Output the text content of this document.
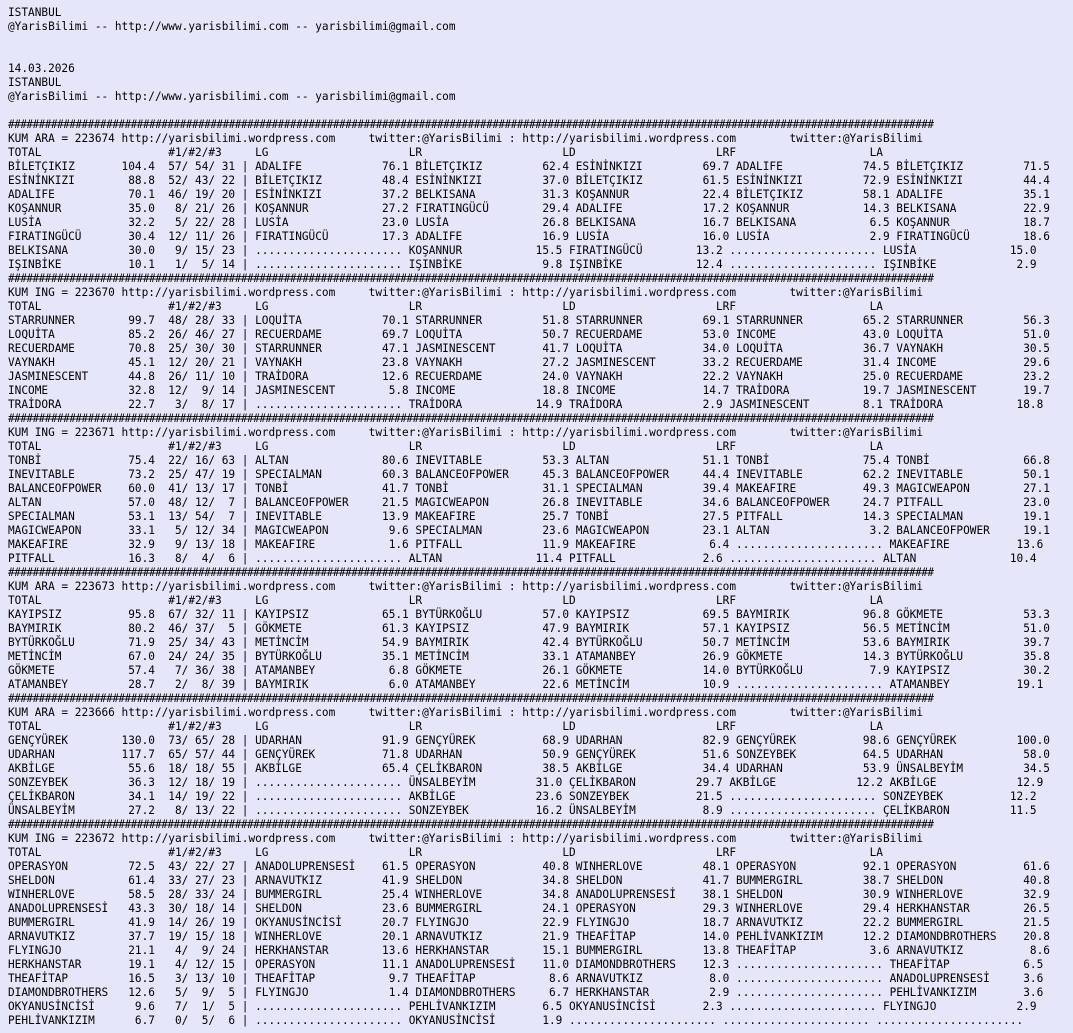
ISTANBUL
@YarisBilimi -- http://www.yarisbilimi.com -- yarisbilimi@gmail.com

14.03.2026
ISTANBUL
@YarisBilimi -- http://www.yarisbilimi.com -- yarisbilimi@gmail.com

#######################################################################################################################################################
KUM ARA = 223674 http://yarisbilimi.wordpress.com     twitter:@YarisBilimi : http://yarisbilimi.wordpress.com        twitter:@YarisBilimi
TOTAL                   #1/#2/#3     LG                     LR                     LD                     LRF                    LA
BİLETÇIKIZ       104.4  57/ 54/ 31 | ADALIFE            76.1 BİLETÇIKIZ         62.4 ESİNİNKIZI         69.7 ADALIFE            74.5 BİLETÇIKIZ         71.5
ESİNİNKIZI        88.8  52/ 43/ 22 | BİLETÇIKIZ         48.4 ESİNİNKIZI         37.0 BİLETÇIKIZ         61.5 ESİNİNKIZI         72.9 ESİNİNKIZI         44.4
ADALIFE           70.1  46/ 19/ 20 | ESİNİNKIZI         37.2 BELKISANA          31.3 KOŞANNUR           22.4 BİLETÇIKIZ         58.1 ADALIFE            35.1
KOŞANNUR          35.0   8/ 21/ 26 | KOŞANNUR           27.2 FIRATINGÜCÜ        29.4 ADALIFE            17.2 KOŞANNUR           14.3 BELKISANA          22.9
LUSİA             32.2   5/ 22/ 28 | LUSİA              23.0 LUSİA              26.8 BELKISANA          16.7 BELKISANA           6.5 KOŞANNUR           18.7
FIRATINGÜCÜ       30.4  12/ 11/ 26 | FIRATINGÜCÜ        17.3 ADALIFE            16.9 LUSİA              16.0 LUSİA               2.9 FIRATINGÜCÜ        18.6
BELKISANA         30.0   9/ 15/ 23 | ...................... KOŞANNUR           15.5 FIRATINGÜCÜ        13.2 ...................... LUSİA              15.0
IŞINBİKE          10.1   1/  5/ 14 | ...................... IŞINBİKE            9.8 IŞINBİKE           12.4 ...................... IŞINBİKE            2.9
#######################################################################################################################################################
KUM ING = 223670 http://yarisbilimi.wordpress.com     twitter:@YarisBilimi : http://yarisbilimi.wordpress.com        twitter:@YarisBilimi
TOTAL                   #1/#2/#3     LG                     LR                     LD                     LRF                    LA
STARRUNNER        99.7  48/ 28/ 33 | LOQUİTA            70.1 STARRUNNER         51.8 STARRUNNER         69.1 STARRUNNER         65.2 STARRUNNER         56.3
LOQUİTA           85.2  26/ 46/ 27 | RECUERDAME         69.7 LOQUİTA            50.7 RECUERDAME         53.0 INCOME             43.0 LOQUİTA            51.0
RECUERDAME        70.8  25/ 30/ 30 | STARRUNNER         47.1 JASMINESCENT       41.7 LOQUİTA            34.0 LOQUİTA            36.7 VAYNAKH            30.5
VAYNAKH           45.1  12/ 20/ 21 | VAYNAKH            23.8 VAYNAKH            27.2 JASMINESCENT       33.2 RECUERDAME         31.4 INCOME             29.6
JASMINESCENT      44.8  26/ 11/ 10 | TRAİDORA           12.6 RECUERDAME         24.0 VAYNAKH            22.2 VAYNAKH            25.0 RECUERDAME         23.2
INCOME            32.8  12/  9/ 14 | JASMINESCENT        5.8 INCOME             18.8 INCOME             14.7 TRAİDORA           19.7 JASMINESCENT       19.7
TRAİDORA          22.7   3/  8/ 17 | ...................... TRAİDORA           14.9 TRAİDORA            2.9 JASMINESCENT        8.1 TRAİDORA           18.8
#######################################################################################################################################################
KUM ING = 223671 http://yarisbilimi.wordpress.com     twitter:@YarisBilimi : http://yarisbilimi.wordpress.com        twitter:@YarisBilimi
TOTAL                   #1/#2/#3     LG                     LR                     LD                     LRF                    LA
TONBİ             75.4  22/ 16/ 63 | ALTAN              80.6 INEVITABLE         53.3 ALTAN              51.1 TONBİ              75.4 TONBİ              66.8
INEVITABLE        73.2  25/ 47/ 19 | SPECIALMAN         60.3 BALANCEOFPOWER     45.3 BALANCEOFPOWER     44.4 INEVITABLE         62.2 INEVITABLE         50.1
BALANCEOFPOWER    60.0  41/ 13/ 17 | TONBİ              41.7 TONBİ              31.1 SPECIALMAN         39.4 MAKEAFIRE          49.3 MAGICWEAPON        27.1
ALTAN             57.0  48/ 12/  7 | BALANCEOFPOWER     21.5 MAGICWEAPON        26.8 INEVITABLE         34.6 BALANCEOFPOWER     24.7 PITFALL            23.0
SPECIALMAN        53.1  13/ 54/  7 | INEVITABLE         13.9 MAKEAFIRE          25.7 TONBİ              27.5 PITFALL            14.3 SPECIALMAN         19.1
MAGICWEAPON       33.1   5/ 12/ 34 | MAGICWEAPON         9.6 SPECIALMAN         23.6 MAGICWEAPON        23.1 ALTAN               3.2 BALANCEOFPOWER     19.1
MAKEAFIRE         32.9   9/ 13/ 18 | MAKEAFIRE           1.6 PITFALL            11.9 MAKEAFIRE           6.4 ...................... MAKEAFIRE          13.6
PITFALL           16.3   8/  4/  6 | ...................... ALTAN              11.4 PITFALL             2.6 ...................... ALTAN              10.4
#######################################################################################################################################################
KUM ARA = 223673 http://yarisbilimi.wordpress.com     twitter:@YarisBilimi : http://yarisbilimi.wordpress.com        twitter:@YarisBilimi
TOTAL                   #1/#2/#3     LG                     LR                     LD                     LRF                    LA
KAYIPSIZ          95.8  67/ 32/ 11 | KAYIPSIZ           65.1 BYTÜRKOĞLU         57.0 KAYIPSIZ           69.5 BAYMIRIK           96.8 GÖKMETE            53.3
BAYMIRIK          80.2  46/ 37/  5 | GÖKMETE            61.3 KAYIPSIZ           47.9 BAYMIRIK           57.1 KAYIPSIZ           56.5 METİNCİM           51.0
BYTÜRKOĞLU        71.9  25/ 34/ 43 | METİNCİM           54.9 BAYMIRIK           42.4 BYTÜRKOĞLU         50.7 METİNCİM           53.6 BAYMIRIK           39.7
METİNCİM          67.0  24/ 24/ 35 | BYTÜRKOĞLU         35.1 METİNCİM           33.1 ATAMANBEY          26.9 GÖKMETE            14.3 BYTÜRKOĞLU         35.8
GÖKMETE           57.4   7/ 36/ 38 | ATAMANBEY           6.8 GÖKMETE            26.1 GÖKMETE            14.0 BYTÜRKOĞLU          7.9 KAYIPSIZ           30.2
ATAMANBEY         28.7   2/  8/ 39 | BAYMIRIK            6.0 ATAMANBEY          22.6 METİNCİM           10.9 ...................... ATAMANBEY          19.1
#######################################################################################################################################################
KUM ARA = 223666 http://yarisbilimi.wordpress.com     twitter:@YarisBilimi : http://yarisbilimi.wordpress.com        twitter:@YarisBilimi
TOTAL                   #1/#2/#3     LG                     LR                     LD                     LRF                    LA
GENÇYÜREK        130.0  73/ 65/ 28 | UDARHAN            91.9 GENÇYÜREK          68.9 UDARHAN            82.9 GENÇYÜREK          98.6 GENÇYÜREK         100.0
UDARHAN          117.7  65/ 57/ 44 | GENÇYÜREK          71.8 UDARHAN            50.9 GENÇYÜREK          51.6 SONZEYBEK          64.5 UDARHAN            58.0
AKBİLGE           55.6  18/ 18/ 55 | AKBİLGE            65.4 ÇELİKBARON         38.5 AKBİLGE            34.4 UDARHAN            53.9 ÜNSALBEYİM         34.5
SONZEYBEK         36.3  12/ 18/ 19 | ...................... ÜNSALBEYİM         31.0 ÇELİKBARON         29.7 AKBİLGE            12.2 AKBİLGE            12.9
ÇELİKBARON        34.1  14/ 19/ 22 | ...................... AKBİLGE            23.6 SONZEYBEK          21.5 ...................... SONZEYBEK          12.2
ÜNSALBEYİM        27.2   8/ 13/ 22 | ...................... SONZEYBEK          16.2 ÜNSALBEYİM          8.9 ...................... ÇELİKBARON         11.5
#######################################################################################################################################################
KUM ING = 223672 http://yarisbilimi.wordpress.com     twitter:@YarisBilimi : http://yarisbilimi.wordpress.com        twitter:@YarisBilimi
TOTAL                   #1/#2/#3     LG                     LR                     LD                     LRF                    LA
OPERASYON         72.5  43/ 22/ 27 | ANADOLUPRENSESİ    61.5 OPERASYON          40.8 WINHERLOVE         48.1 OPERASYON          92.1 OPERASYON          61.6
SHELDON           61.4  33/ 27/ 23 | ARNAVUTKIZ         41.9 SHELDON            34.8 SHELDON            41.7 BUMMERGIRL         38.7 SHELDON            40.8
WINHERLOVE        58.5  28/ 33/ 24 | BUMMERGIRL         25.4 WINHERLOVE         34.8 ANADOLUPRENSESİ    38.1 SHELDON            30.9 WINHERLOVE         32.9
ANADOLUPRENSESİ   43.3  30/ 18/ 14 | SHELDON            23.6 BUMMERGIRL         24.1 OPERASYON          29.3 WINHERLOVE         29.4 HERKHANSTAR        26.5
BUMMERGIRL        41.9  14/ 26/ 19 | OKYANUSİNCİSİ      20.7 FLYINGJO           22.9 FLYINGJO           18.7 ARNAVUTKIZ         22.2 BUMMERGIRL         21.5
ARNAVUTKIZ        37.7  19/ 15/ 18 | WINHERLOVE         20.1 ARNAVUTKIZ         21.9 THEAFİTAP          14.0 PEHLİVANKIZIM      12.2 DIAMONDBROTHERS    20.8
FLYINGJO          21.1   4/  9/ 24 | HERKHANSTAR        13.6 HERKHANSTAR        15.1 BUMMERGIRL         13.8 THEAFİTAP           3.6 ARNAVUTKIZ          8.6
HERKHANSTAR       19.1   4/ 12/ 15 | OPERASYON          11.1 ANADOLUPRENSESİ    11.0 DIAMONDBROTHERS    12.3 ...................... THEAFİTAP           6.5
THEAFİTAP         16.5   3/ 13/ 10 | THEAFİTAP           9.7 THEAFİTAP           8.6 ARNAVUTKIZ          8.0 ...................... ANADOLUPRENSESİ     3.6
DIAMONDBROTHERS   12.6   5/  9/  5 | FLYINGJO            1.4 DIAMONDBROTHERS     6.7 HERKHANSTAR         2.9 ...................... PEHLİVANKIZIM       3.6
OKYANUSİNCİSİ      9.6   7/  1/  5 | ...................... PEHLİVANKIZIM       6.5 OKYANUSİNCİSİ       2.3 ...................... FLYINGJO            2.9
PEHLİVANKIZIM      6.7   0/  5/  6 | ...................... OKYANUSİNCİSİ       1.9 ...................... ...................... ......................
